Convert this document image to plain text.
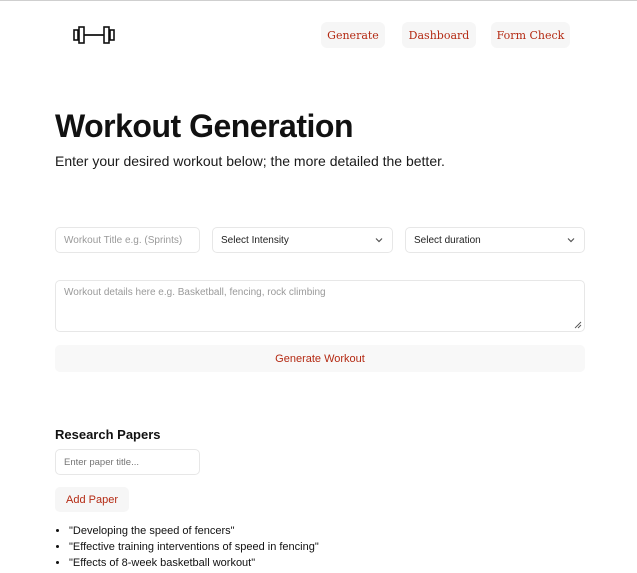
Generate	Dashboard	Form Check
Workout Generation
Enter your desired workout below; the more detailed the better.
Workout Title e.g. (Sprints)
Select Intensity	Select duration
Workout details here e.g. Basketball, fencing, rock climbing
Generate Workout
Research Papers
Enter paper title...
Add Paper
• "Developing the speed of fencers"
• "Effective training interventions of speed in fencing"
• "Effects of 8-week basketball workout"
